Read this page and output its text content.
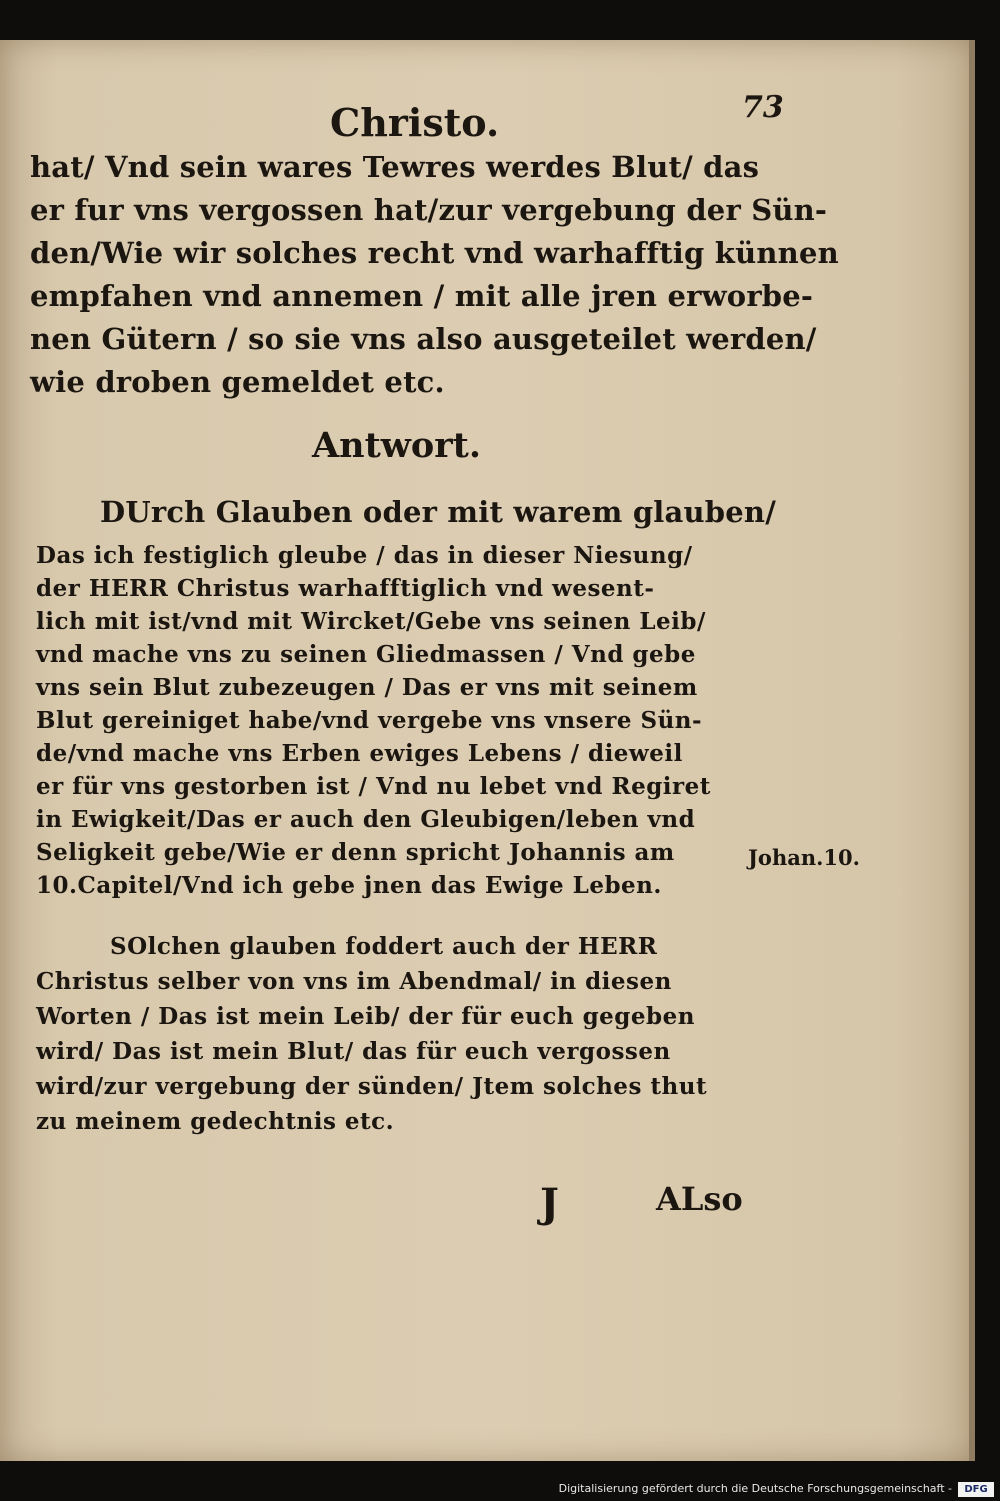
Christo.	73
hat/ Vnd sein wares Tewres werdes Blut/ das
er fur vns vergossen hat/zur vergebung der Sün-
den/Wie wir solches recht vnd warhafftig künnen
empfahen vnd annemen / mit alle jren erworbe-
nen Gütern / so sie vns also ausgeteilet werden/
wie droben gemeldet etc.
Antwort.
DUrch Glauben oder mit warem glauben/
Das ich festiglich gleube / das in dieser Niesung/
der HERR Christus warhafftiglich vnd wesent-
lich mit ist/vnd mit Wircket/Gebe vns seinen Leib/
vnd mache vns zu seinen Gliedmassen / Vnd gebe
vns sein Blut zubezeugen / Das er vns mit seinem
Blut gereiniget habe/vnd vergebe vns vnsere Sün-
de/vnd mache vns Erben ewiges Lebens / dieweil
er für vns gestorben ist / Vnd nu lebet vnd Regiret
in Ewigkeit/Das er auch den Gleubigen/leben vnd
Seligkeit gebe/Wie er denn spricht Johannis am
10.Capitel/Vnd ich gebe jnen das Ewige Leben.
Johan.10.
SOlchen glauben foddert auch der HERR
Christus selber von vns im Abendmal/ in diesen
Worten / Das ist mein Leib/ der für euch gegeben
wird/ Das ist mein Blut/ das für euch vergossen
wird/zur vergebung der sünden/ Jtem solches thut
zu meinem gedechtnis etc.
J	ALso
Digitalisierung gefördert durch die Deutsche Forschungsgemeinschaft -	DFG
